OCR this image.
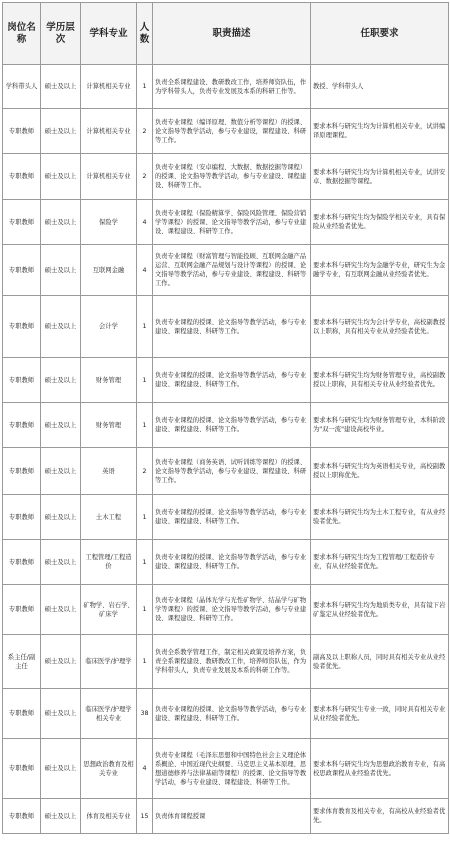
岗位名称	学历层次	学科专业	人数	职责描述	任职要求
学科带头人	硕士及以上	计算机相关专业	1	负责全系课程建设、教研教改工作，培养师资队伍，作为学科带头人，负责专业发展及本系的科研工作等。	教授、学科带头人
专职教师	硕士及以上	计算机相关专业	2	负责专业课程（编译原理、数值分析等课程）的授课、论文指导等教学活动，参与专业建设，课程建设、科研等工作。	要求本科与研究生均为计算机相关专业，试讲编译原理课程。
专职教师	硕士及以上	计算机相关专业	2	负责专业课程（安卓编程、大数据、数据挖掘等课程）的授课、论文指导等教学活动，参与专业建设、课程建设、科研等工作。	要求本科与研究生均为计算机相关专业，试讲安卓、数据挖掘等课程。
专职教师	硕士及以上	保险学	4	负责专业课程（保险精算学、保险风险管理、保险营销学等课程）的授课、论文指导等教学活动，参与专业建设、课程建设、科研等工作。	要求本科与研究生均为保险学相关专业，具有保险从业经验者优先。
专职教师	硕士及以上	互联网金融	4	负责专业课程（财富管理与智能投顾、互联网金融产品运营、互联网金融产品规划与设计等课程）的授课、论文指导等教学活动，参与专业建设、课程建设、科研等工作。	要求本科与研究生均为金融学专业，研究生为金融学专业，有互联网金融从业经验者优先。
专职教师	硕士及以上	会计学	1	负责专业课程的授课、论文指导等教学活动，参与专业建设、课程建设、科研等工作。	要求本科与研究生均为会计学专业，高校副教授以上职称，具有相关专业从业经验者优先。
专职教师	硕士及以上	财务管理	1	负责专业课程的授课、论文指导等教学活动，参与专业建设、课程建设、科研等工作。	要求本科与研究生均为财务管理专业，高校副教授以上职称，具有相关专业从业经验者优先。
专职教师	硕士及以上	财务管理	1	负责专业课程的授课、论文指导等教学活动，参与专业建设、课程建设、科研等工作。	要求本科与研究生均为财务管理专业，本科阶段为"双一流"建设高校毕业。
专职教师	硕士及以上	英语	2	负责专业课程（商务英语、试听训练等课程）的授课、论文指导等教学活动，参与专业建设、课程建设、科研等工作。	要求本科与研究生均为英语相关专业，高校副教授以上职称优先。
专职教师	硕士及以上	土木工程	1	负责专业课程的授课、论文指导等教学活动，参与专业建设、课程建设、科研等工作。	要求本科与研究生均为土木工程专业，有从业经验者优先。
专职教师	硕士及以上	工程管理/工程造价	1	负责专业课程的授课、论文指导等教学活动，参与专业建设、课程建设、科研等工作。	要求本科与研究生均为工程管理/工程造价专业，有从业经验者优先。
专职教师	硕士及以上	矿物学、岩石学、矿床学	1	负责专业课程（晶体光学与光性矿物学、结晶学与矿物学等课程）的授课、论文指导等教学活动，参与专业建设、课程建设、科研等工作。	要求本科与研究生均为地质类专业，具有镜下岩矿鉴定从业经验者优先。
系主任/副主任	硕士及以上	临床医学/护理学	1	负责全系教学管理工作，制定相关政策及培养方案，负责全系课程建设、教研教改工作，培养师资队伍，作为学科带头人，负责专业发展及本系的科研工作等。	副高及以上职称人员，同时具有相关专业从业经验者优先。
专职教师	硕士及以上	临床医学/护理学相关专业	38	负责专业课程的授课、论文指导等教学活动，参与专业建设、课程建设、科研等工作。	要求本科与研究生专业一致，同时具有相关专业从业经验者优先。
专职教师	硕士及以上	思想政治教育及相关专业	4	负责专业课程（毛泽东思想和中国特色社会主义理论体系概论、中国近现代史纲要、马克思主义基本原理、思想道德修养与法律基础等课程）的授课、论文指导等教学活动，参与专业建设、课程建设、科研等工作。	要求本科与研究生均为思想政治教育专业，有高校思政课程从业经验者优先。
专职教师	硕士及以上	体育及相关专业	15	负责体育课程授课	要求体育教育及相关专业，有高校从业经验者优先。
